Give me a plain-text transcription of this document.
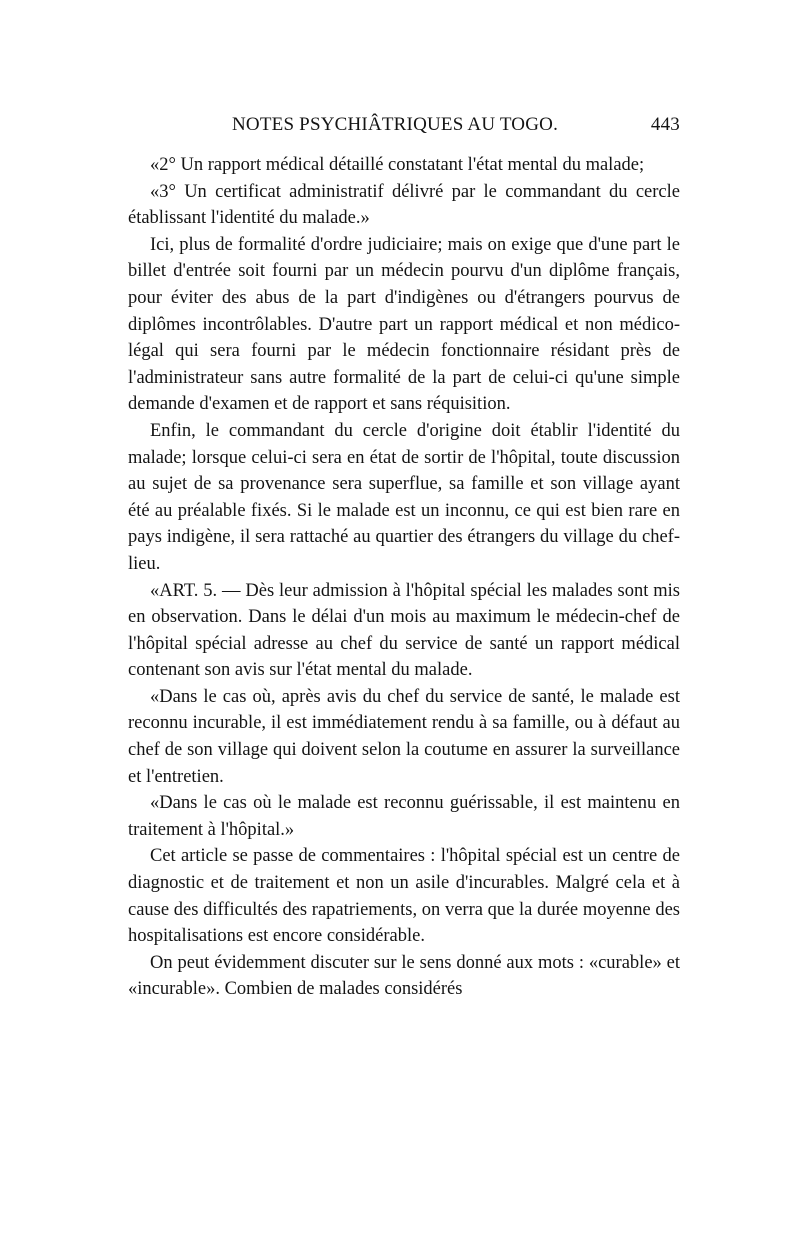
NOTES PSYCHIÂTRIQUES AU TOGO.	443

«2° Un rapport médical détaillé constatant l'état mental du malade;

«3° Un certificat administratif délivré par le commandant du cercle établissant l'identité du malade.»

Ici, plus de formalité d'ordre judiciaire; mais on exige que d'une part le billet d'entrée soit fourni par un médecin pourvu d'un diplôme français, pour éviter des abus de la part d'indigènes ou d'étrangers pourvus de diplômes incontrôlables. D'autre part un rapport médical et non médico-légal qui sera fourni par le médecin fonctionnaire résidant près de l'administrateur sans autre formalité de la part de celui-ci qu'une simple demande d'examen et de rapport et sans réquisition.

Enfin, le commandant du cercle d'origine doit établir l'identité du malade; lorsque celui-ci sera en état de sortir de l'hôpital, toute discussion au sujet de sa provenance sera superflue, sa famille et son village ayant été au préalable fixés. Si le malade est un inconnu, ce qui est bien rare en pays indigène, il sera rattaché au quartier des étrangers du village du chef-lieu.

«ART. 5. — Dès leur admission à l'hôpital spécial les malades sont mis en observation. Dans le délai d'un mois au maximum le médecin-chef de l'hôpital spécial adresse au chef du service de santé un rapport médical contenant son avis sur l'état mental du malade.

«Dans le cas où, après avis du chef du service de santé, le malade est reconnu incurable, il est immédiatement rendu à sa famille, ou à défaut au chef de son village qui doivent selon la coutume en assurer la surveillance et l'entretien.

«Dans le cas où le malade est reconnu guérissable, il est maintenu en traitement à l'hôpital.»

Cet article se passe de commentaires : l'hôpital spécial est un centre de diagnostic et de traitement et non un asile d'incurables. Malgré cela et à cause des difficultés des rapatriements, on verra que la durée moyenne des hospitalisations est encore considérable.

On peut évidemment discuter sur le sens donné aux mots : «curable» et «incurable». Combien de malades considérés
